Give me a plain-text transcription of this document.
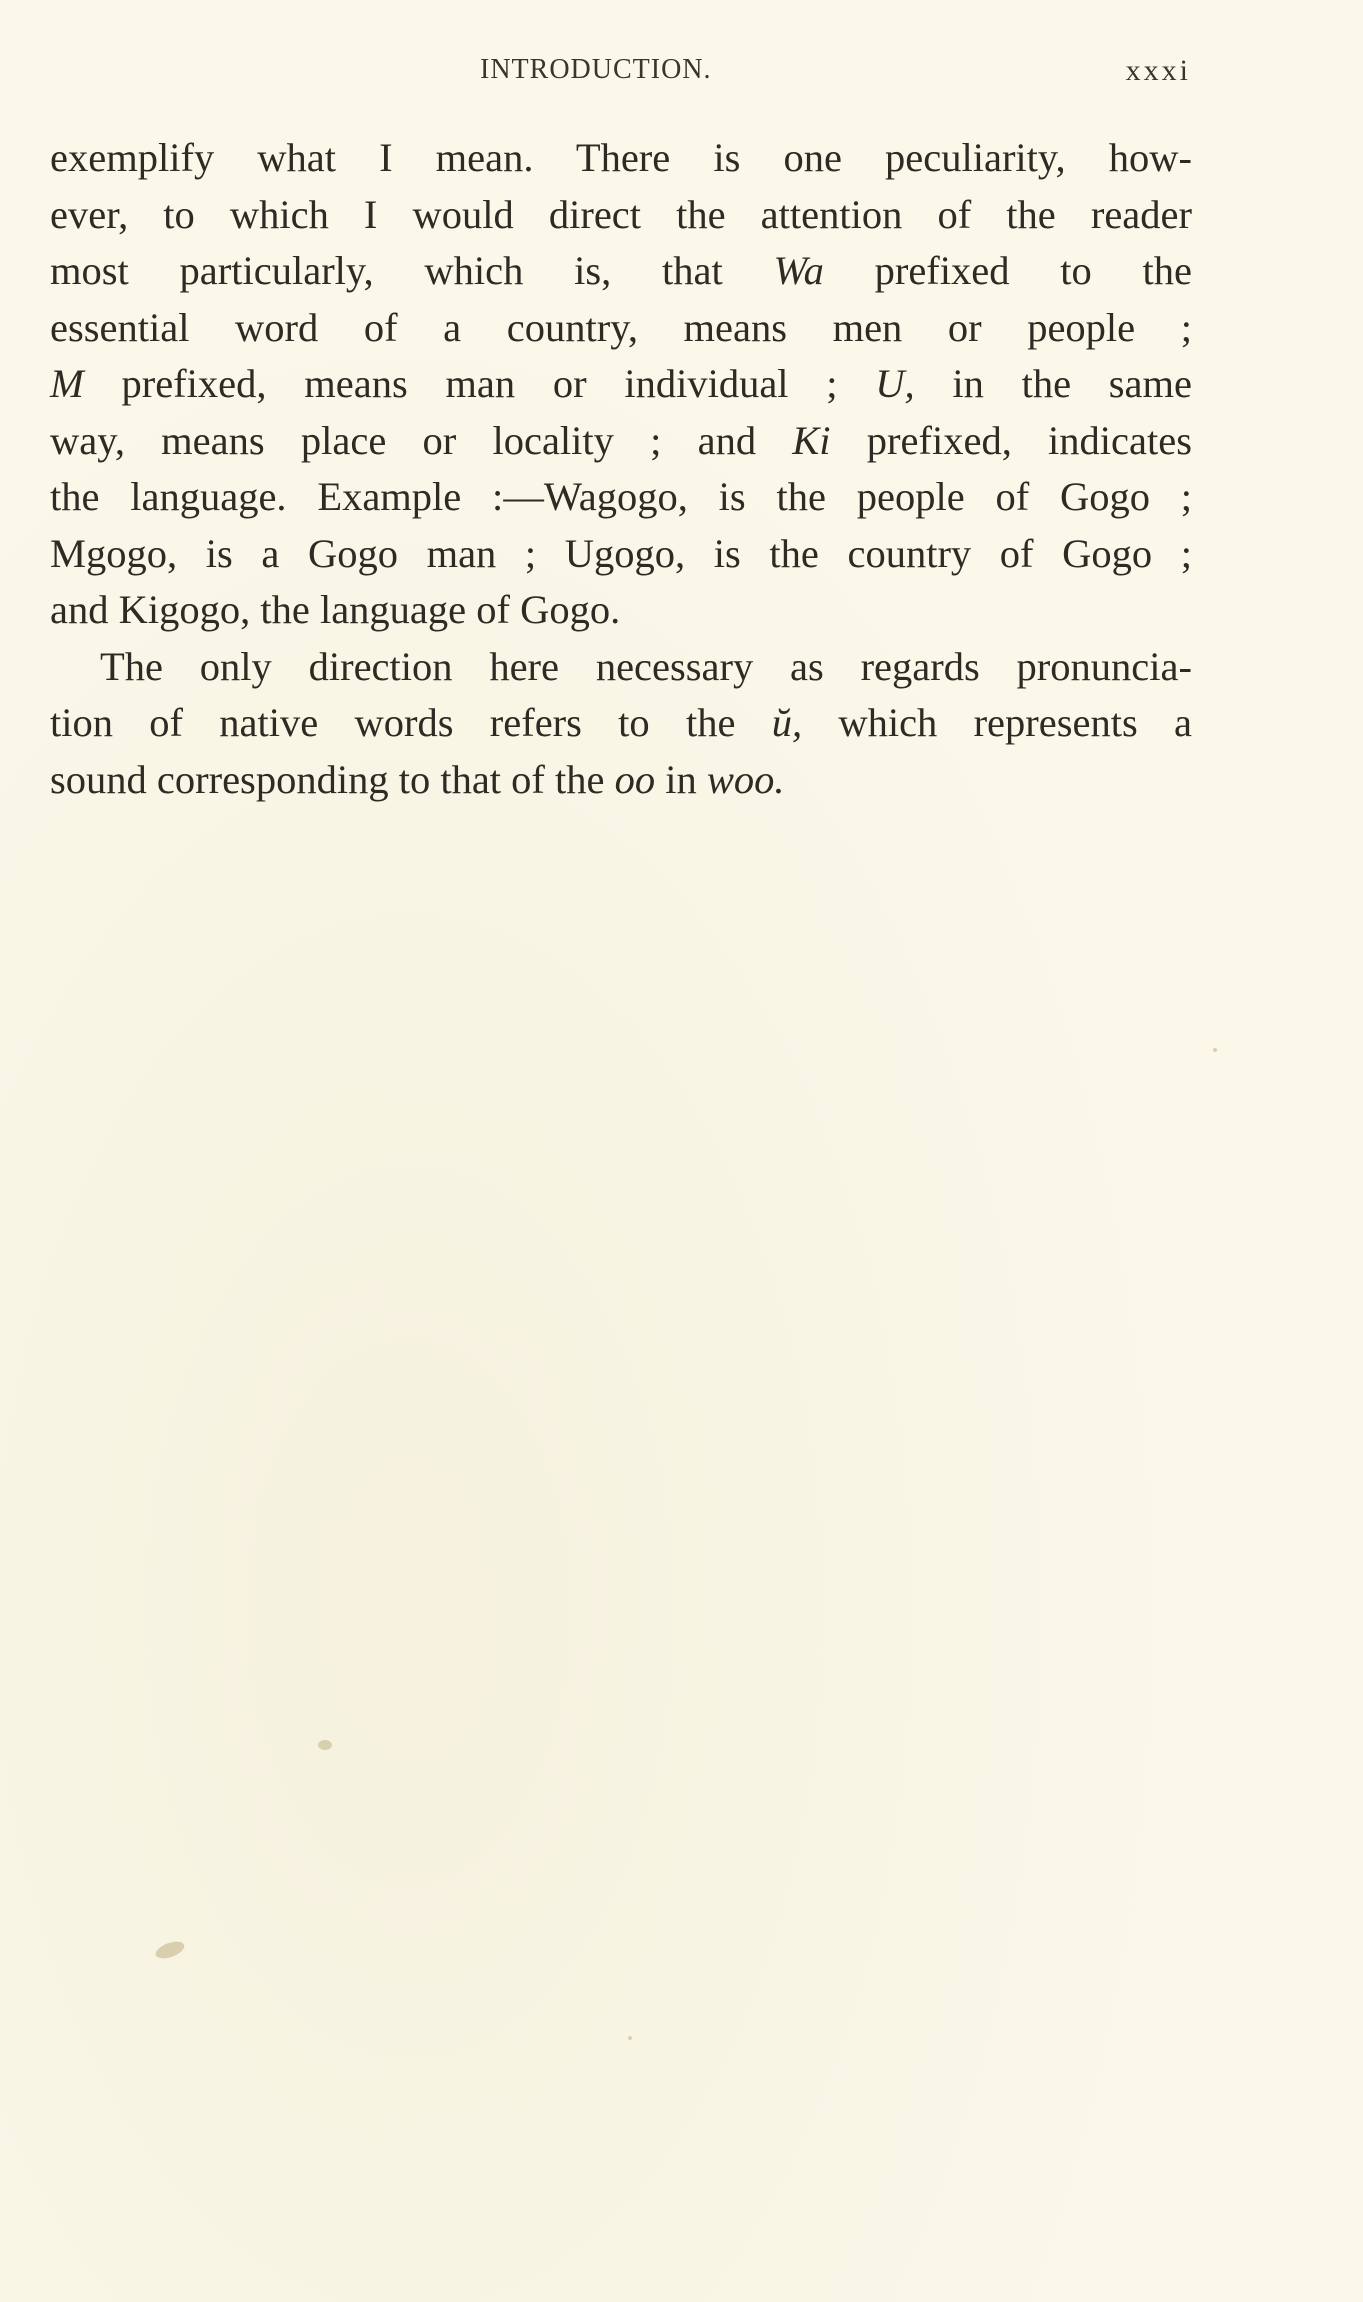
INTRODUCTION.	xxxi

exemplify what I mean. There is one peculiarity, how-
ever, to which I would direct the attention of the reader
most particularly, which is, that Wa prefixed to the
essential word of a country, means men or people ;
M prefixed, means man or individual ; U, in the same
way, means place or locality ; and Ki prefixed, indicates
the language. Example :—Wagogo, is the people of Gogo ;
Mgogo, is a Gogo man ; Ugogo, is the country of Gogo ;
and Kigogo, the language of Gogo.

The only direction here necessary as regards pronuncia-
tion of native words refers to the ŭ, which represents a
sound corresponding to that of the oo in woo.
